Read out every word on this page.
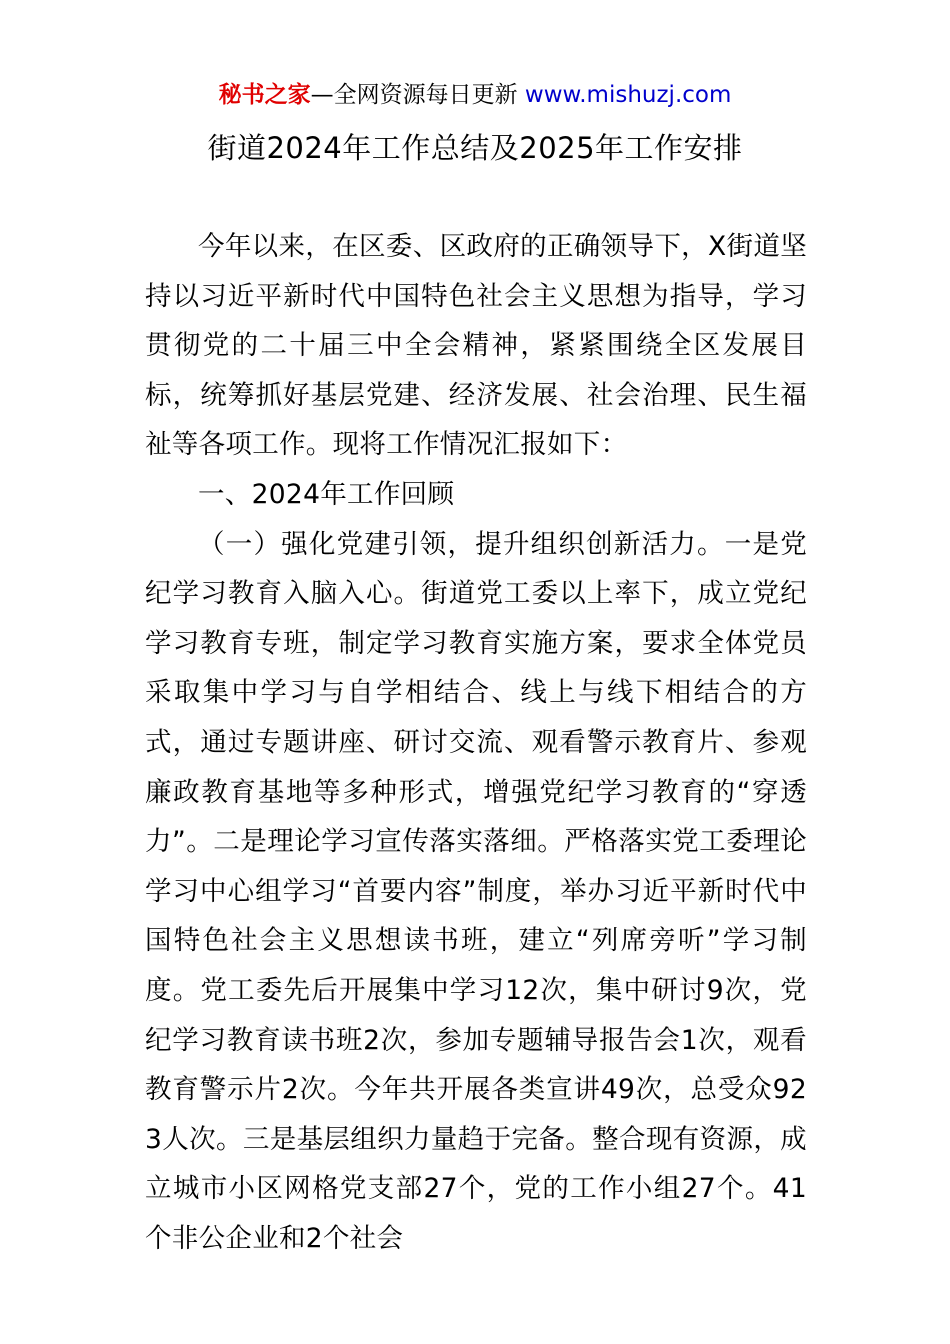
秘书之家—全网资源每日更新 www.mishuzj.com
街道2024年工作总结及2025年工作安排

今年以来，在区委、区政府的正确领导下，X街道坚持以习近平新时代中国特色社会主义思想为指导，学习贯彻党的二十届三中全会精神，紧紧围绕全区发展目标，统筹抓好基层党建、经济发展、社会治理、民生福祉等各项工作。现将工作情况汇报如下：

一、2024年工作回顾

（一）强化党建引领，提升组织创新活力。一是党纪学习教育入脑入心。街道党工委以上率下，成立党纪学习教育专班，制定学习教育实施方案，要求全体党员采取集中学习与自学相结合、线上与线下相结合的方式，通过专题讲座、研讨交流、观看警示教育片、参观廉政教育基地等多种形式，增强党纪学习教育的“穿透力”。二是理论学习宣传落实落细。严格落实党工委理论学习中心组学习“首要内容”制度，举办习近平新时代中国特色社会主义思想读书班，建立“列席旁听”学习制度。党工委先后开展集中学习12次，集中研讨9次，党纪学习教育读书班2次，参加专题辅导报告会1次，观看教育警示片2次。今年共开展各类宣讲49次，总受众923人次。三是基层组织力量趋于完备。整合现有资源，成立城市小区网格党支部27个，党的工作小组27个。41个非公企业和2个社会
